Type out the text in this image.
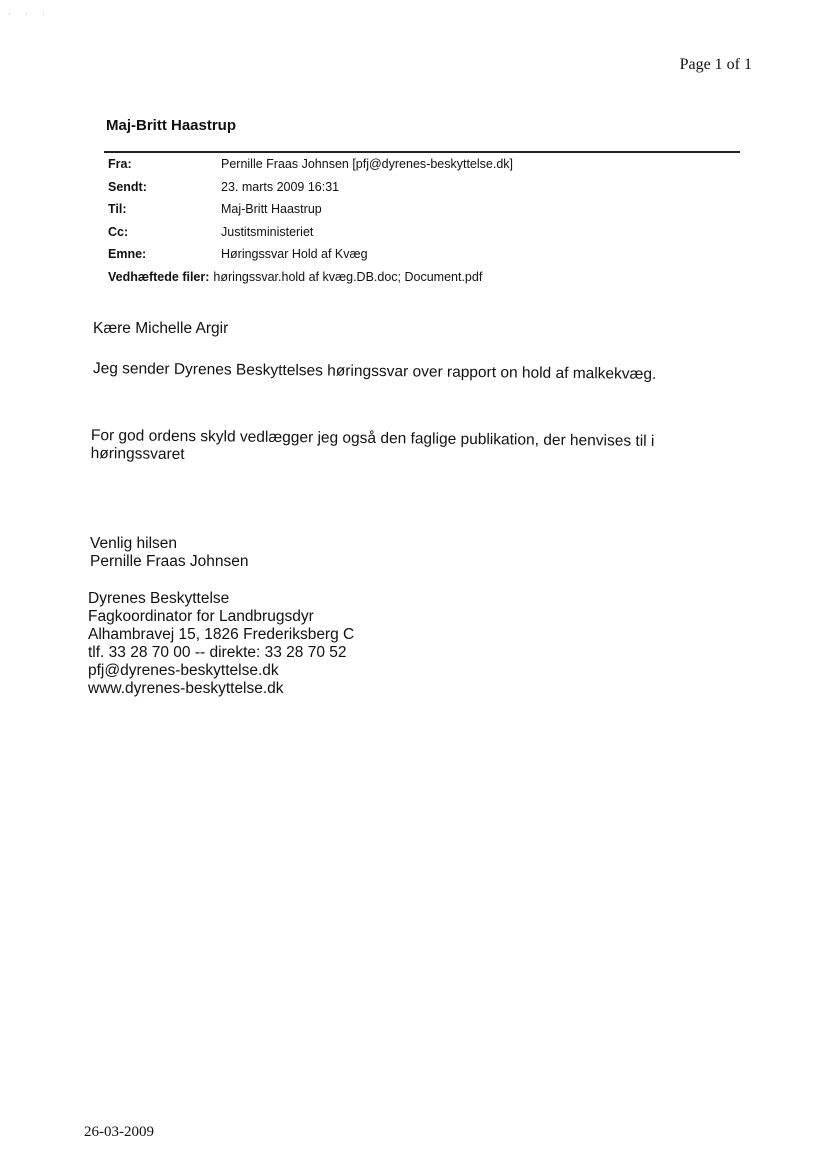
· · ·
Page 1 of 1
Maj-Britt Haastrup
Fra:	Pernille Fraas Johnsen [pfj@dyrenes-beskyttelse.dk]
Sendt:	23. marts 2009 16:31
Til:	Maj-Britt Haastrup
Cc:	Justitsministeriet
Emne:	Høringssvar Hold af Kvæg
Vedhæftede filer: høringssvar.hold af kvæg.DB.doc; Document.pdf
Kære Michelle Argir
Jeg sender Dyrenes Beskyttelses høringssvar over rapport on hold af malkekvæg.
For god ordens skyld vedlægger jeg også den faglige publikation, der henvises til i
høringssvaret
Venlig hilsen
Pernille Fraas Johnsen
Dyrenes Beskyttelse
Fagkoordinator for Landbrugsdyr
Alhambravej 15, 1826 Frederiksberg C
tlf. 33 28 70 00 -- direkte: 33 28 70 52
pfj@dyrenes-beskyttelse.dk
www.dyrenes-beskyttelse.dk
26-03-2009
